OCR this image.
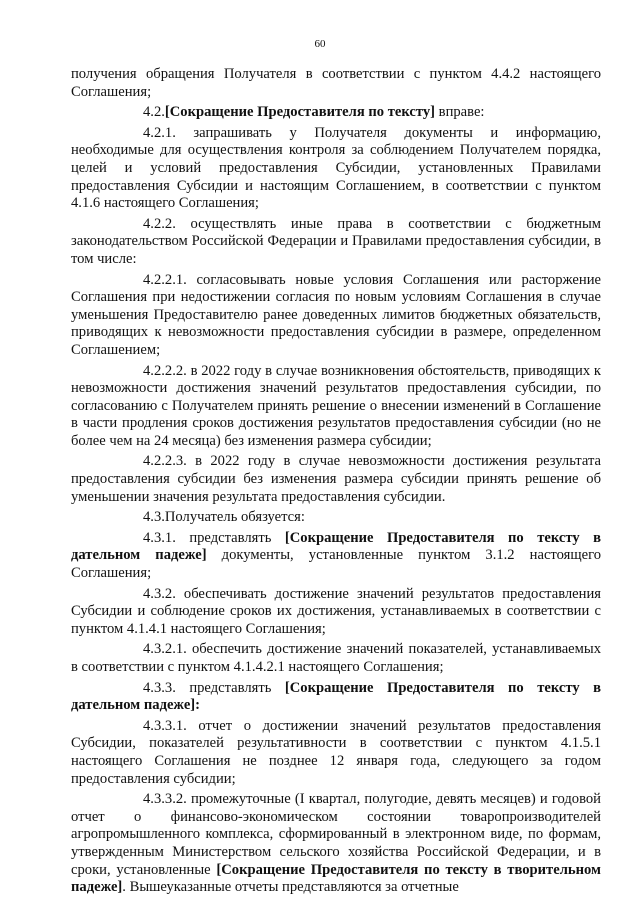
60

получения обращения Получателя в соответствии с пунктом 4.4.2 настоящего Соглашения;

4.2.[Сокращение Предоставителя по тексту] вправе:

4.2.1. запрашивать у Получателя документы и информацию, необходимые для осуществления контроля за соблюдением Получателем порядка, целей и условий предоставления Субсидии, установленных Правилами предоставления Субсидии и настоящим Соглашением, в соответствии с пунктом 4.1.6 настоящего Соглашения;

4.2.2. осуществлять иные права в соответствии с бюджетным законодательством Российской Федерации и Правилами предоставления субсидии, в том числе:

4.2.2.1. согласовывать новые условия Соглашения или расторжение Соглашения при недостижении согласия по новым условиям Соглашения в случае уменьшения Предоставителю ранее доведенных лимитов бюджетных обязательств, приводящих к невозможности предоставления субсидии в размере, определенном Соглашением;

4.2.2.2. в 2022 году в случае возникновения обстоятельств, приводящих к невозможности достижения значений результатов предоставления субсидии, по согласованию с Получателем принять решение о внесении изменений в Соглашение в части продления сроков достижения результатов предоставления субсидии (но не более чем на 24 месяца) без изменения размера субсидии;

4.2.2.3. в 2022 году в случае невозможности достижения результата предоставления субсидии без изменения размера субсидии принять решение об уменьшении значения результата предоставления субсидии.

4.3.Получатель обязуется:

4.3.1. представлять [Сокращение Предоставителя по тексту в дательном падеже] документы, установленные пунктом 3.1.2 настоящего Соглашения;

4.3.2. обеспечивать достижение значений результатов предоставления Субсидии и соблюдение сроков их достижения, устанавливаемых в соответствии с пунктом 4.1.4.1 настоящего Соглашения;

4.3.2.1. обеспечить достижение значений показателей, устанавливаемых в соответствии с пунктом 4.1.4.2.1 настоящего Соглашения;

4.3.3. представлять [Сокращение Предоставителя по тексту в дательном падеже]:

4.3.3.1. отчет о достижении значений результатов предоставления Субсидии, показателей результативности в соответствии с пунктом 4.1.5.1 настоящего Соглашения не позднее 12 января года, следующего за годом предоставления субсидии;

4.3.3.2. промежуточные (I квартал, полугодие, девять месяцев) и годовой отчет о финансово-экономическом состоянии товаропроизводителей агропромышленного комплекса, сформированный в электронном виде, по формам, утвержденным Министерством сельского хозяйства Российской Федерации, и в сроки, установленные [Сокращение Предоставителя по тексту в творительном падеже]. Вышеуказанные отчеты представляются за отчетные
